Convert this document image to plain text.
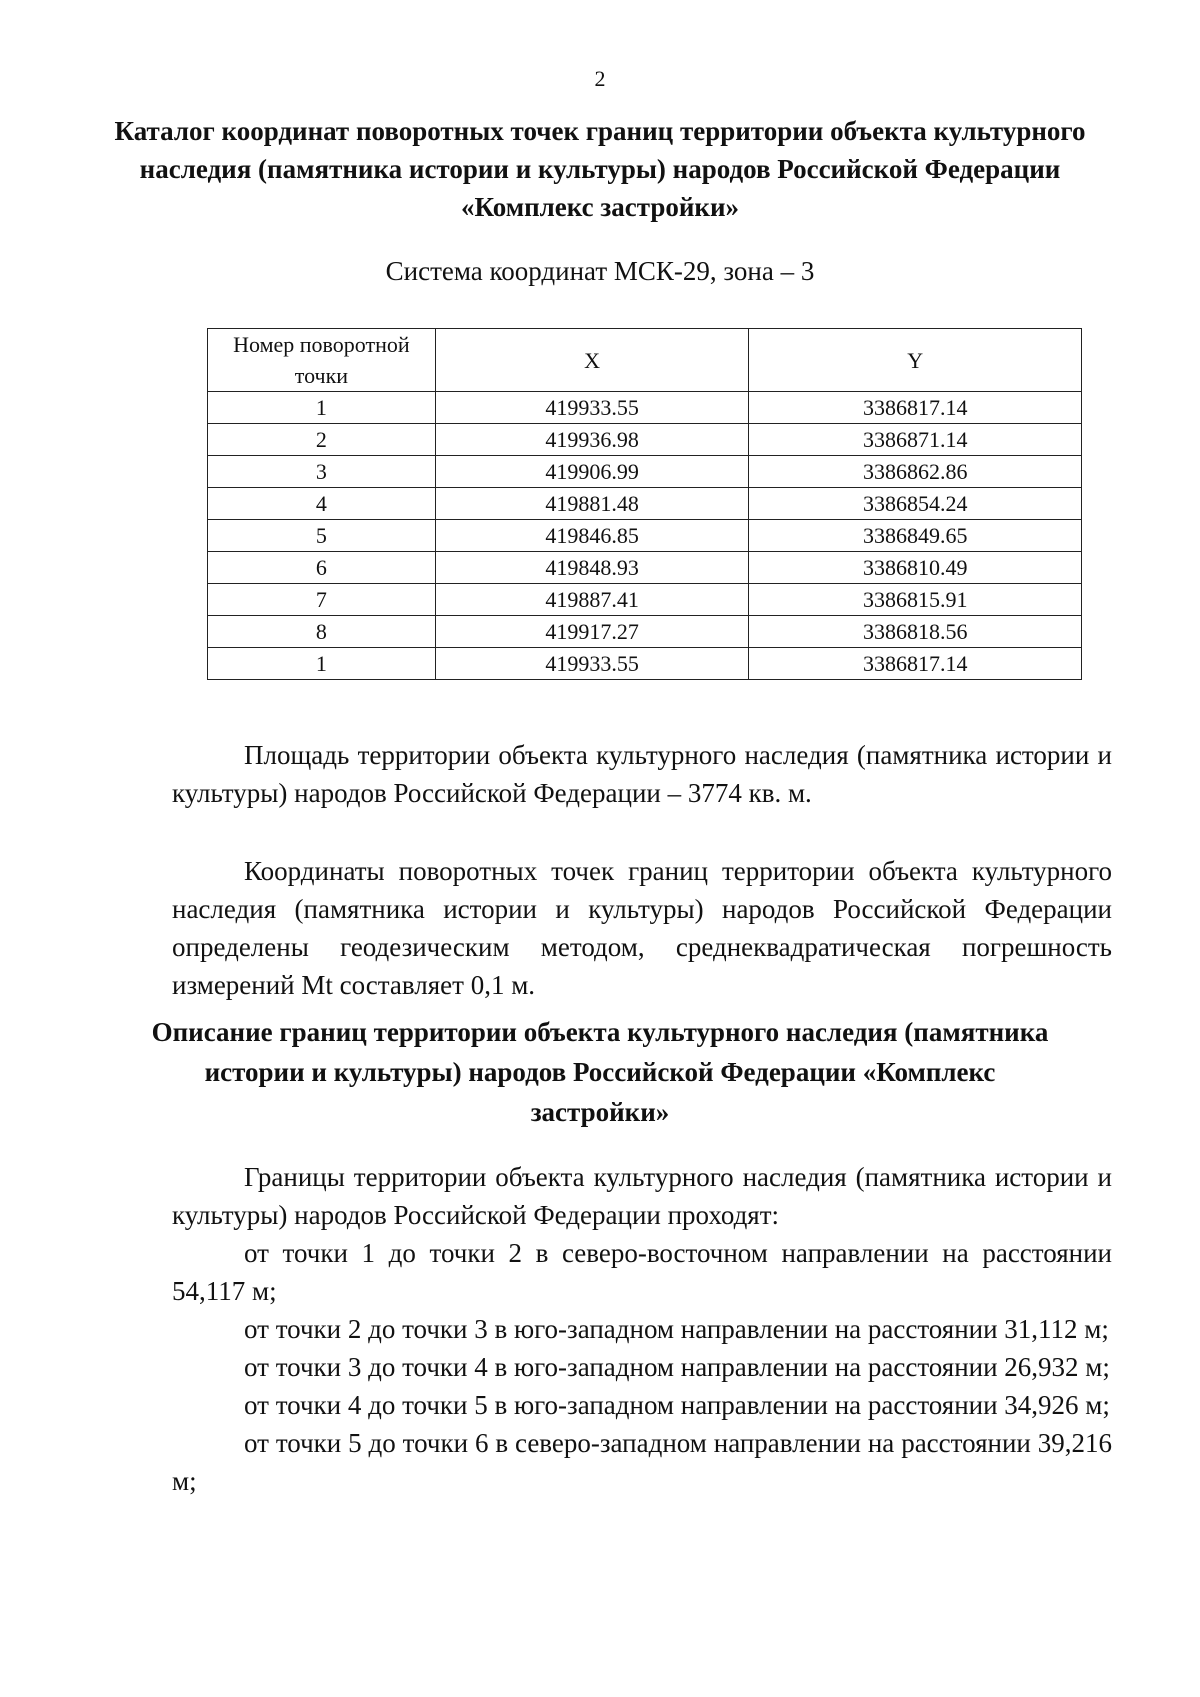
2
Каталог координат поворотных точек границ территории объекта культурного наследия (памятника истории и культуры) народов Российской Федерации «Комплекс застройки»
Система координат МСК-29, зона – 3
Номер поворотной точки	X	Y
1	419933.55	3386817.14
2	419936.98	3386871.14
3	419906.99	3386862.86
4	419881.48	3386854.24
5	419846.85	3386849.65
6	419848.93	3386810.49
7	419887.41	3386815.91
8	419917.27	3386818.56
1	419933.55	3386817.14

Площадь территории объекта культурного наследия (памятника истории и культуры) народов Российской Федерации – 3774 кв. м.

Координаты поворотных точек границ территории объекта культурного наследия (памятника истории и культуры) народов Российской Федерации определены геодезическим методом, среднеквадратическая погрешность измерений Mt составляет 0,1 м.

Описание границ территории объекта культурного наследия (памятника истории и культуры) народов Российской Федерации «Комплекс застройки»

Границы территории объекта культурного наследия (памятника истории и культуры) народов Российской Федерации проходят:

от точки 1 до точки 2 в северо-восточном направлении на расстоянии 54,117 м;

от точки 2 до точки 3 в юго-западном направлении на расстоянии 31,112 м;

от точки 3 до точки 4 в юго-западном направлении на расстоянии 26,932 м;

от точки 4 до точки 5 в юго-западном направлении на расстоянии 34,926 м;

от точки 5 до точки 6 в северо-западном направлении на расстоянии 39,216 м;
